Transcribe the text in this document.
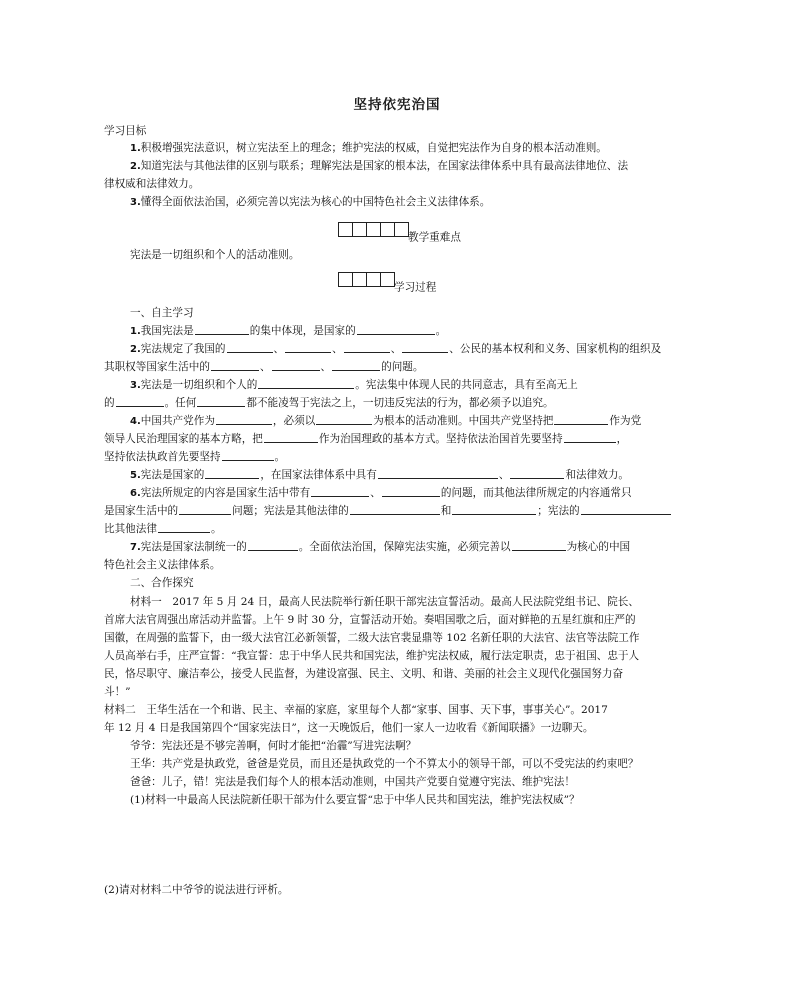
坚持依宪治国
学习目标
1.积极增强宪法意识，树立宪法至上的理念；维护宪法的权威，自觉把宪法作为自身的根本活动准则。
2.知道宪法与其他法律的区别与联系；理解宪法是国家的根本法，在国家法律体系中具有最高法律地位、法
律权威和法律效力。
3.懂得全面依法治国，必须完善以宪法为核心的中国特色社会主义法律体系。
教学重难点
宪法是一切组织和个人的活动准则。
学习过程
一、自主学习
1.我国宪法是	的集中体现，是国家的	。
2.宪法规定了我国的	、	、	、	、公民的基本权利和义务、国家机构的组织及
其职权等国家生活中的	、	、	的问题。
3.宪法是一切组织和个人的	。宪法集中体现人民的共同意志，具有至高无上
的	。任何	都不能凌驾于宪法之上，一切违反宪法的行为，都必须予以追究。
4.中国共产党作为	，必须以	为根本的活动准则。中国共产党坚持把	作为党
领导人民治理国家的基本方略，把	作为治国理政的基本方式。坚持依法治国首先要坚持	，
坚持依法执政首先要坚持	。
5.宪法是国家的	，在国家法律体系中具有	、	和法律效力。
6.宪法所规定的内容是国家生活中带有	、	的问题，而其他法律所规定的内容通常只
是国家生活中的	问题；宪法是其他法律的	和	；宪法的
比其他法律	。
7.宪法是国家法制统一的	。全面依法治国，保障宪法实施，必须完善以	为核心的中国
特色社会主义法律体系。
二、合作探究
材料一　2017 年 5 月 24 日，最高人民法院举行新任职干部宪法宣誓活动。最高人民法院党组书记、院长、
首席大法官周强出席活动并监誓。上午 9 时 30 分，宣誓活动开始。奏唱国歌之后，面对鲜艳的五星红旗和庄严的
国徽，在周强的监誓下，由一级大法官江必新领誓，二级大法官裴显鼎等 102 名新任职的大法官、法官等法院工作
人员高举右手，庄严宣誓：“我宣誓：忠于中华人民共和国宪法，维护宪法权威，履行法定职责，忠于祖国、忠于人
民，恪尽职守、廉洁奉公，接受人民监督，为建设富强、民主、文明、和谐、美丽的社会主义现代化强国努力奋
斗！”
材料二　王华生活在一个和谐、民主、幸福的家庭，家里每个人都“家事、国事、天下事，事事关心”。2017
年 12 月 4 日是我国第四个“国家宪法日”，这一天晚饭后，他们一家人一边收看《新闻联播》一边聊天。
爷爷：宪法还是不够完善啊，何时才能把“治霾”写进宪法啊？
王华：共产党是执政党，爸爸是党员，而且还是执政党的一个不算太小的领导干部，可以不受宪法的约束吧？
爸爸：儿子，错！宪法是我们每个人的根本活动准则，中国共产党要自觉遵守宪法、维护宪法！
(1)材料一中最高人民法院新任职干部为什么要宣誓“忠于中华人民共和国宪法，维护宪法权威”？
(2)请对材料二中爷爷的说法进行评析。
